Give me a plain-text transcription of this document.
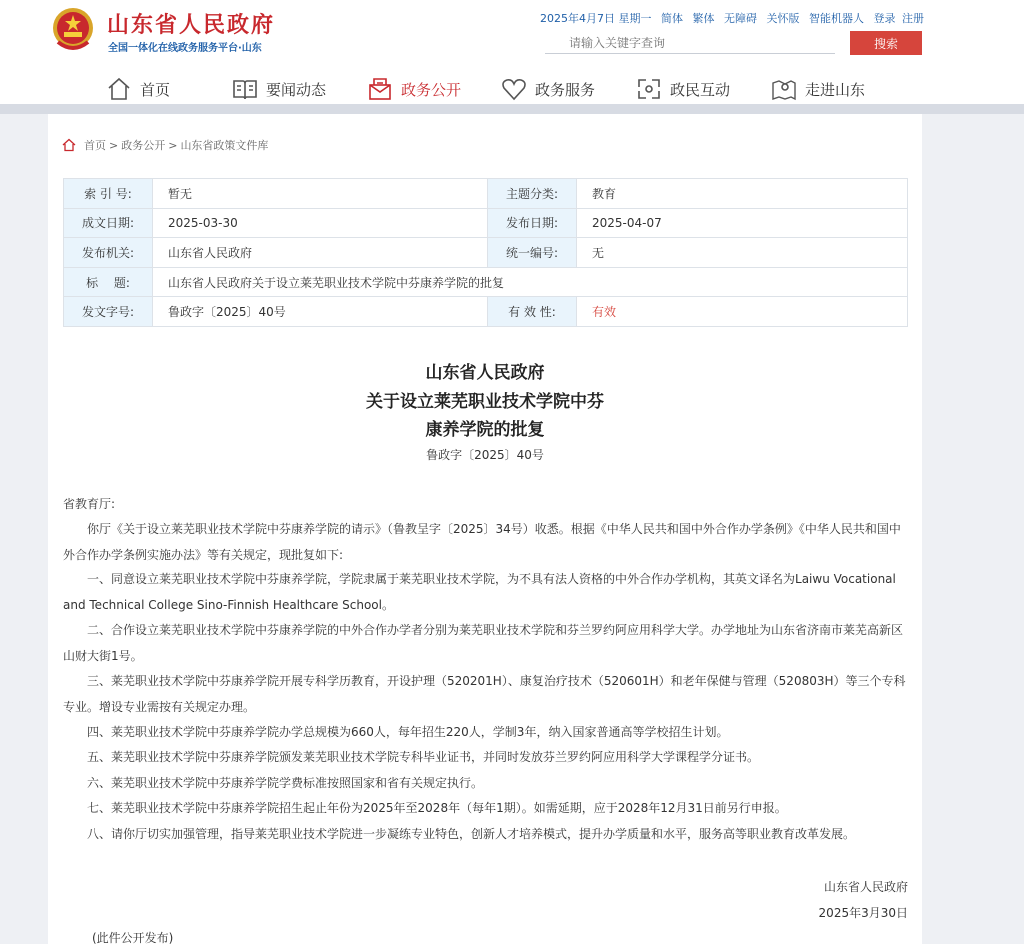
山东省人民政府
全国一体化在线政务服务平台·山东
2025年4月7日 星期一 简体 繁体 无障碍 关怀版 智能机器人 登录 注册
请输入关键字查询
搜索
首页	要闻动态	政务公开	政务服务	政民互动	走进山东
首页 > 政务公开 > 山东省政策文件库
索 引 号:	暂无	主题分类:	教育
成文日期:	2025-03-30	发布日期:	2025-04-07
发布机关:	山东省人民政府	统一编号:	无
标　 题:	山东省人民政府关于设立莱芜职业技术学院中芬康养学院的批复		
发文字号:	鲁政字〔2025〕40号	有 效 性:	有效
山东省人民政府
关于设立莱芜职业技术学院中芬
康养学院的批复
鲁政字〔2025〕40号
省教育厅:
你厅《关于设立莱芜职业技术学院中芬康养学院的请示》（鲁教呈字〔2025〕34号）收悉。根据《中华人民共和国中外合作办学条例》《中华人民共和国中外合作办学条例实施办法》等有关规定，现批复如下:
一、同意设立莱芜职业技术学院中芬康养学院，学院隶属于莱芜职业技术学院，为不具有法人资格的中外合作办学机构，其英文译名为Laiwu Vocational and Technical College Sino-Finnish Healthcare School。
二、合作设立莱芜职业技术学院中芬康养学院的中外合作办学者分别为莱芜职业技术学院和芬兰罗约阿应用科学大学。办学地址为山东省济南市莱芜高新区山财大街1号。
三、莱芜职业技术学院中芬康养学院开展专科学历教育，开设护理（520201H）、康复治疗技术（520601H）和老年保健与管理（520803H）等三个专科专业。增设专业需按有关规定办理。
四、莱芜职业技术学院中芬康养学院办学总规模为660人，每年招生220人，学制3年，纳入国家普通高等学校招生计划。
五、莱芜职业技术学院中芬康养学院颁发莱芜职业技术学院专科毕业证书，并同时发放芬兰罗约阿应用科学大学课程学分证书。
六、莱芜职业技术学院中芬康养学院学费标准按照国家和省有关规定执行。
七、莱芜职业技术学院中芬康养学院招生起止年份为2025年至2028年（每年1期）。如需延期，应于2028年12月31日前另行申报。
八、请你厅切实加强管理，指导莱芜职业技术学院进一步凝练专业特色，创新人才培养模式，提升办学质量和水平，服务高等职业教育改革发展。
山东省人民政府
2025年3月30日
(此件公开发布)
